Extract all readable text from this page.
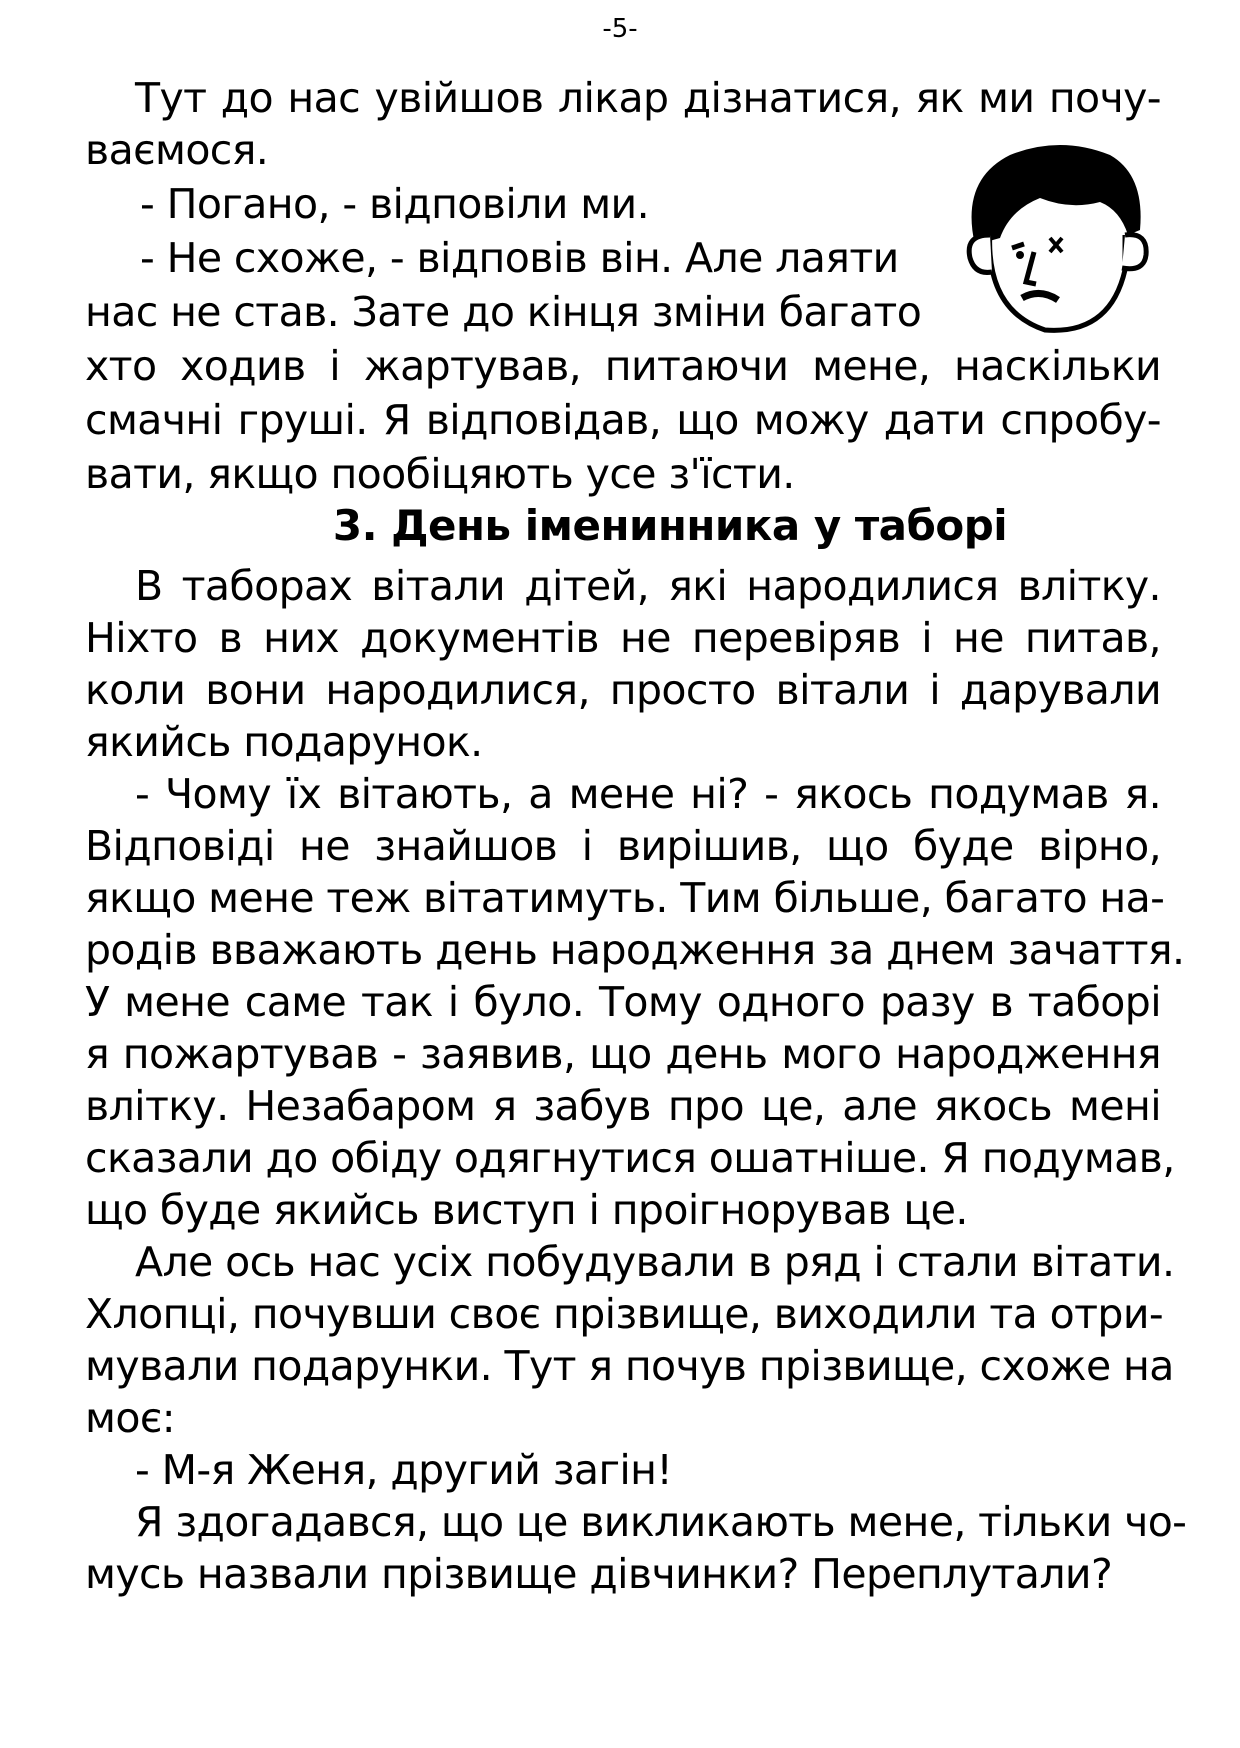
-5-

Тут до нас увійшов лікар дізнатися, як ми почу-

ваємося.

- Погано, - відповіли ми.

- Не схоже, - відповів він. Але лаяти

нас не став. Зате до кінця зміни багато

хто ходив і жартував, питаючи мене, наскільки

смачні груші. Я відповідав, що можу дати спробу-

вати, якщо пообіцяють усе з'їсти.

3. День іменинника у таборі

В таборах вітали дітей, які народилися влітку.

Ніхто в них документів не перевіряв і не питав,

коли вони народилися, просто вітали і дарували

якийсь подарунок.

- Чому їх вітають, а мене ні? - якось подумав я.

Відповіді не знайшов і вирішив, що буде вірно,

якщо мене теж вітатимуть. Тим більше, багато на-

родів вважають день народження за днем зачаття.

У мене саме так і було. Тому одного разу в таборі

я пожартував - заявив, що день мого народження

влітку. Незабаром я забув про це, але якось мені

сказали до обіду одягнутися ошатніше. Я подумав,

що буде якийсь виступ і проігнорував це.

Але ось нас усіх побудували в ряд і стали вітати.

Хлопці, почувши своє прізвище, виходили та отри-

мували подарунки. Тут я почув прізвище, схоже на

моє:

- М-я Женя, другий загін!

Я здогадався, що це викликають мене, тільки чо-

мусь назвали прізвище дівчинки? Переплутали?
